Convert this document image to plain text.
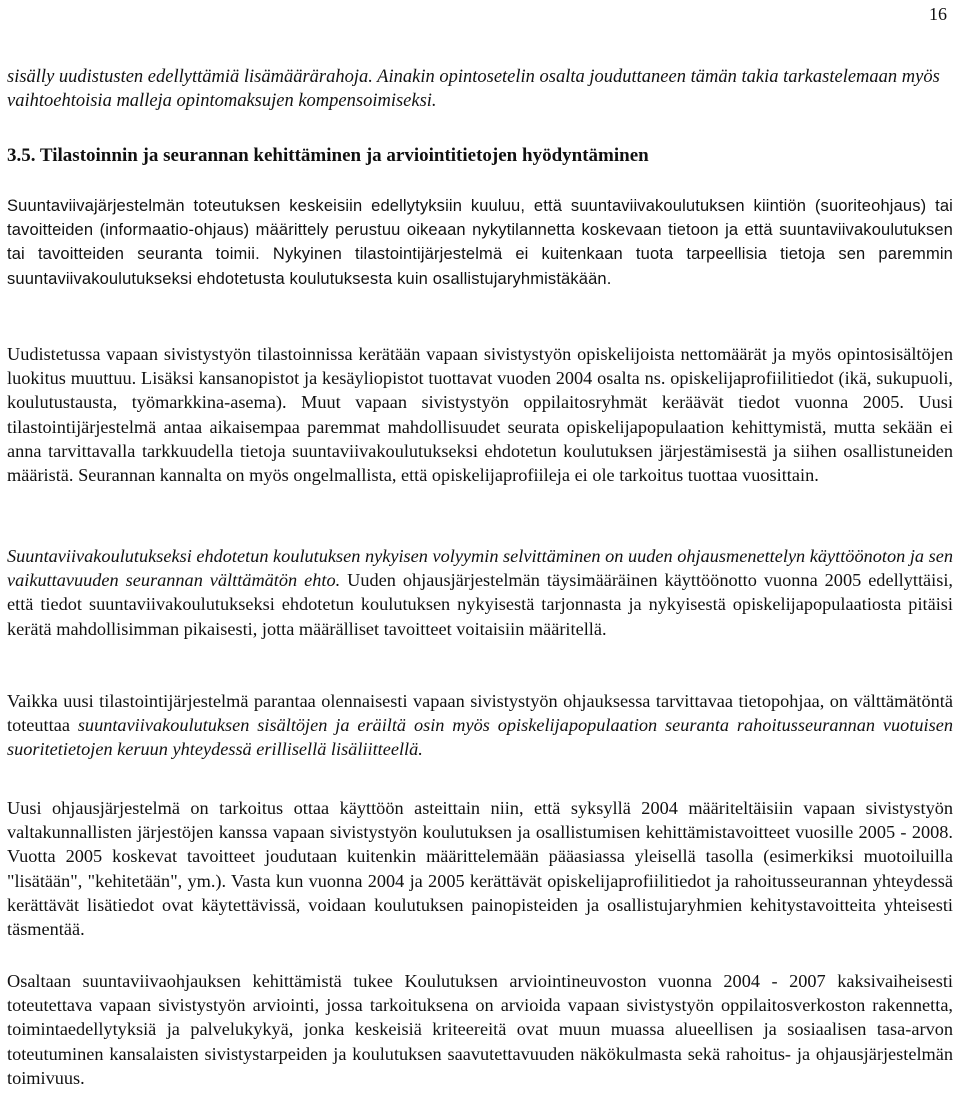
16
sisälly uudistusten edellyttämiä lisämäärärahoja. Ainakin opintosetelin osalta jouduttaneen tämän takia tarkastelemaan myös vaihtoehtoisia malleja opintomaksujen kompensoimiseksi.
3.5. Tilastoinnin ja seurannan kehittäminen ja arviointitietojen hyödyntäminen

Suuntaviivajärjestelmän toteutuksen keskeisiin edellytyksiin kuuluu, että suuntaviivakoulutuksen kiintiön (suoriteohjaus) tai tavoitteiden (informaatio-ohjaus) määrittely perustuu oikeaan nykytilannetta koskevaan tietoon ja että suuntaviivakoulutuksen tai tavoitteiden seuranta toimii. Nykyinen tilastointijärjestelmä ei kuitenkaan tuota tarpeellisia tietoja sen paremmin suuntaviivakoulutukseksi ehdotetusta koulutuksesta kuin osallistujaryhmistäkään.

Uudistetussa vapaan sivistystyön tilastoinnissa kerätään vapaan sivistystyön opiskelijoista nettomäärät ja myös opintosisältöjen luokitus muuttuu. Lisäksi kansanopistot ja kesäyliopistot tuottavat vuoden 2004 osalta ns. opiskelijaprofiilitiedot (ikä, sukupuoli, koulutustausta, työmarkkina-asema). Muut vapaan sivistystyön oppilaitosryhmät keräävät tiedot vuonna 2005. Uusi tilastointijärjestelmä antaa aikaisempaa paremmat mahdollisuudet seurata opiskelijapopulaation kehittymistä, mutta sekään ei anna tarvittavalla tarkkuudella tietoja suuntaviivakoulutukseksi ehdotetun koulutuksen järjestämisestä ja siihen osallistuneiden määristä. Seurannan kannalta on myös ongelmallista, että opiskelijaprofiileja ei ole tarkoitus tuottaa vuosittain.

Suuntaviivakoulutukseksi ehdotetun koulutuksen nykyisen volyymin selvittäminen on uuden ohjausmenettelyn käyttöönoton ja sen vaikuttavuuden seurannan välttämätön ehto. Uuden ohjausjärjestelmän täysimääräinen käyttöönotto vuonna 2005 edellyttäisi, että tiedot suuntaviivakoulutukseksi ehdotetun koulutuksen nykyisestä tarjonnasta ja nykyisestä opiskelijapopulaatiosta pitäisi kerätä mahdollisimman pikaisesti, jotta määrälliset tavoitteet voitaisiin määritellä.

Vaikka uusi tilastointijärjestelmä parantaa olennaisesti vapaan sivistystyön ohjauksessa tarvittavaa tietopohjaa, on välttämätöntä toteuttaa suuntaviivakoulutuksen sisältöjen ja eräiltä osin myös opiskelijapopulaation seuranta rahoitusseurannan vuotuisen suoritetietojen keruun yhteydessä erillisellä lisäliitteellä.

Uusi ohjausjärjestelmä on tarkoitus ottaa käyttöön asteittain niin, että syksyllä 2004 määriteltäisiin vapaan sivistystyön valtakunnallisten järjestöjen kanssa vapaan sivistystyön koulutuksen ja osallistumisen kehittämistavoitteet vuosille 2005 - 2008. Vuotta 2005 koskevat tavoitteet joudutaan kuitenkin määrittelemään pääasiassa yleisellä tasolla (esimerkiksi muotoiluilla "lisätään", "kehitetään", ym.). Vasta kun vuonna 2004 ja 2005 kerättävät opiskelijaprofiilitiedot ja rahoitusseurannan yhteydessä kerättävät lisätiedot ovat käytettävissä, voidaan koulutuksen painopisteiden ja osallistujaryhmien kehitystavoitteita yhteisesti täsmentää.

Osaltaan suuntaviivaohjauksen kehittämistä tukee Koulutuksen arviointineuvoston vuonna 2004 - 2007 kaksivaiheisesti toteutettava vapaan sivistystyön arviointi, jossa tarkoituksena on arvioida vapaan sivistystyön oppilaitosverkoston rakennetta, toimintaedellytyksiä ja palvelukykyä, jonka keskeisiä kriteereitä ovat muun muassa alueellisen ja sosiaalisen tasa-arvon toteutuminen kansalaisten sivistystarpeiden ja koulutuksen saavutettavuuden näkökulmasta sekä rahoitus- ja ohjausjärjestelmän toimivuus.
